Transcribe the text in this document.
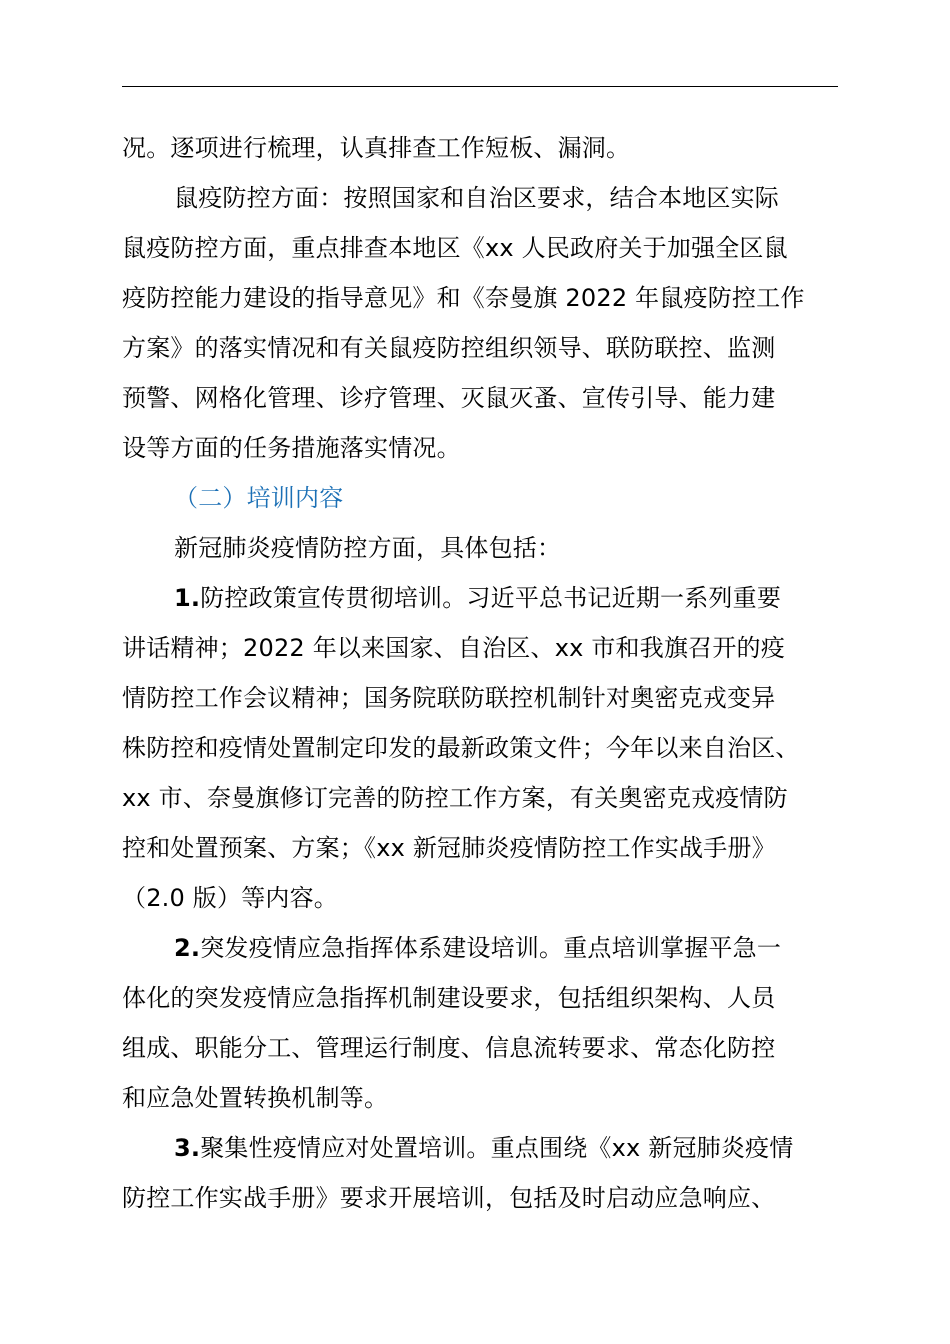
况。逐项进行梳理，认真排查工作短板、漏洞。
鼠疫防控方面：按照国家和自治区要求，结合本地区实际
鼠疫防控方面，重点排查本地区《xx 人民政府关于加强全区鼠
疫防控能力建设的指导意见》和《奈曼旗 2022 年鼠疫防控工作
方案》的落实情况和有关鼠疫防控组织领导、联防联控、监测
预警、网格化管理、诊疗管理、灭鼠灭蚤、宣传引导、能力建
设等方面的任务措施落实情况。
（二）培训内容
新冠肺炎疫情防控方面，具体包括：
1.防控政策宣传贯彻培训。习近平总书记近期一系列重要
讲话精神；2022 年以来国家、自治区、xx 市和我旗召开的疫
情防控工作会议精神；国务院联防联控机制针对奥密克戎变异
株防控和疫情处置制定印发的最新政策文件；今年以来自治区、
xx 市、奈曼旗修订完善的防控工作方案，有关奥密克戎疫情防
控和处置预案、方案；《xx 新冠肺炎疫情防控工作实战手册》
（2.0 版）等内容。
2.突发疫情应急指挥体系建设培训。重点培训掌握平急一
体化的突发疫情应急指挥机制建设要求，包括组织架构、人员
组成、职能分工、管理运行制度、信息流转要求、常态化防控
和应急处置转换机制等。
3.聚集性疫情应对处置培训。重点围绕《xx 新冠肺炎疫情
防控工作实战手册》要求开展培训，包括及时启动应急响应、
